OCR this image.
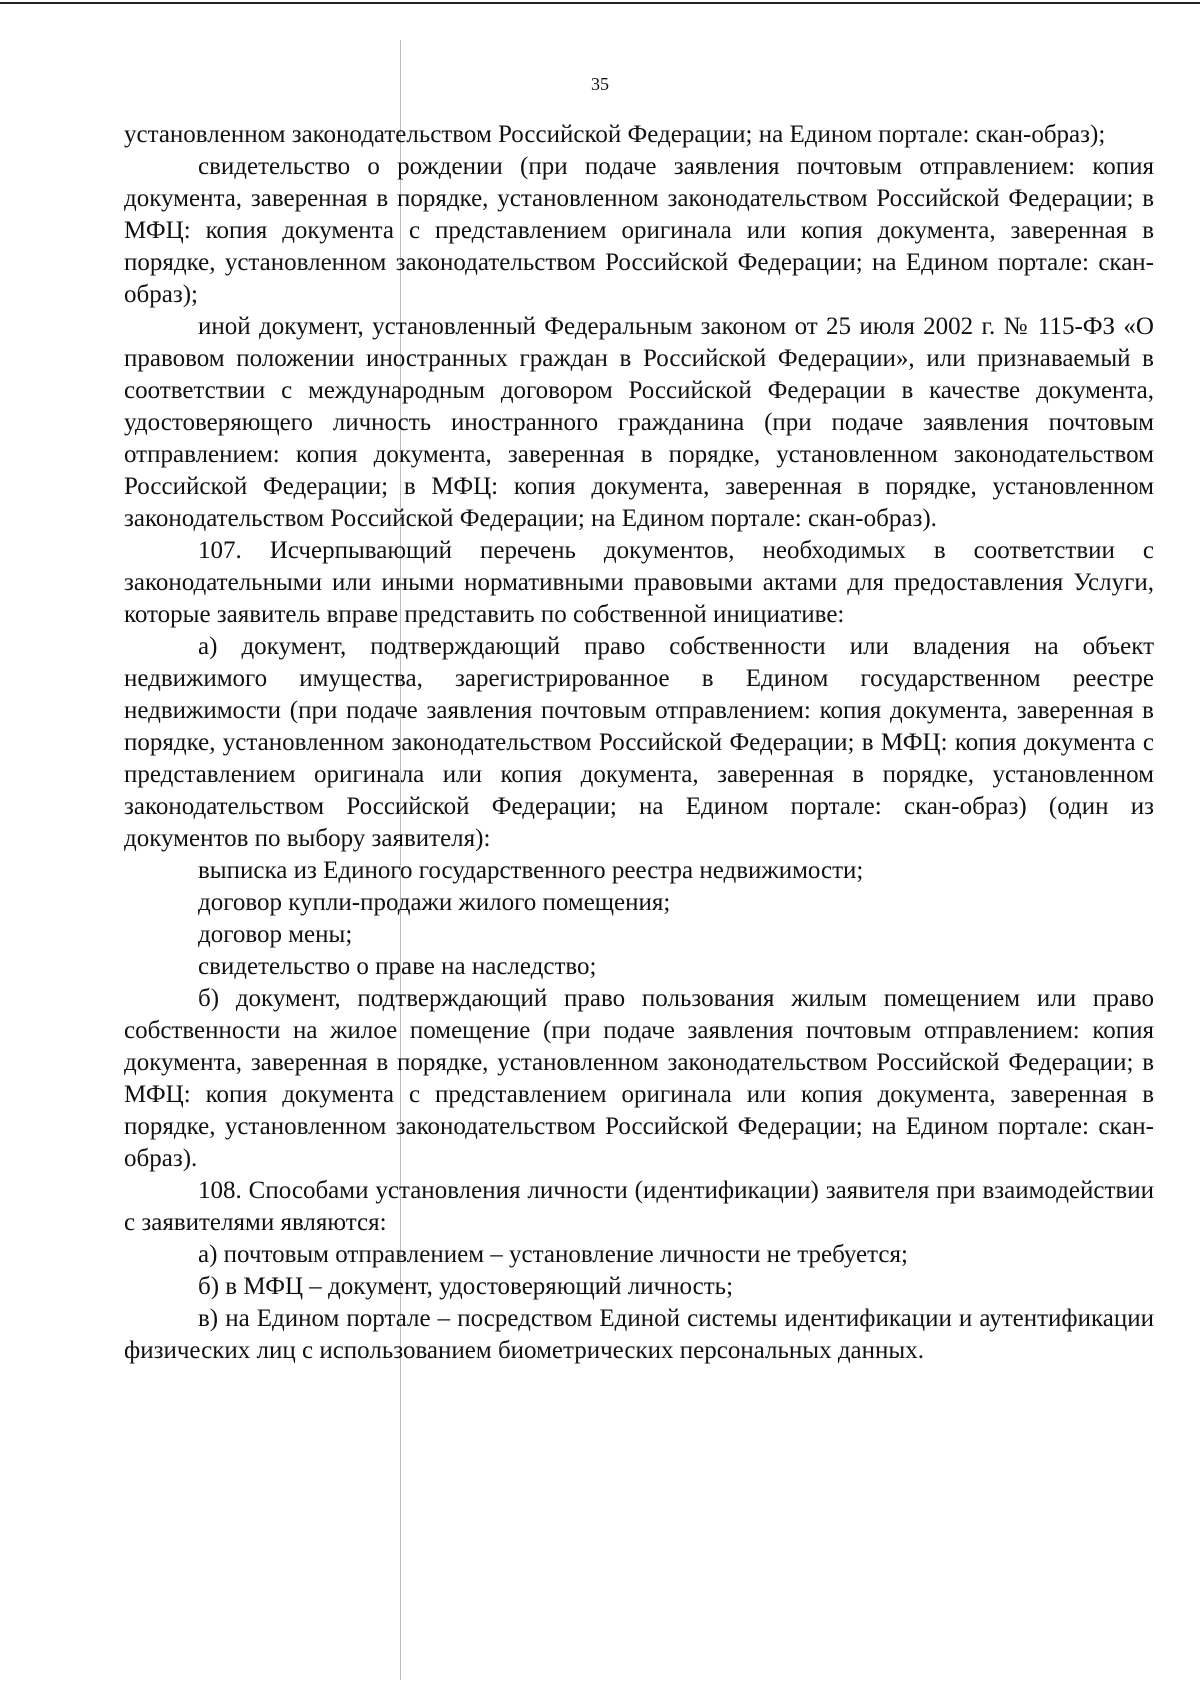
35

установленном законодательством Российской Федерации; на Едином портале: скан-образ);

свидетельство о рождении (при подаче заявления почтовым отправлением: копия документа, заверенная в порядке, установленном законодательством Российской Федерации; в МФЦ: копия документа с представлением оригинала или копия документа, заверенная в порядке, установленном законодательством Российской Федерации; на Едином портале: скан-образ);

иной документ, установленный Федеральным законом от 25 июля 2002 г. № 115-ФЗ «О правовом положении иностранных граждан в Российской Федерации», или признаваемый в соответствии с международным договором Российской Федерации в качестве документа, удостоверяющего личность иностранного гражданина (при подаче заявления почтовым отправлением: копия документа, заверенная в порядке, установленном законодательством Российской Федерации; в МФЦ: копия документа, заверенная в порядке, установленном законодательством Российской Федерации; на Едином портале: скан-образ).

107. Исчерпывающий перечень документов, необходимых в соответствии с законодательными или иными нормативными правовыми актами для предоставления Услуги, которые заявитель вправе представить по собственной инициативе:

а) документ, подтверждающий право собственности или владения на объект недвижимого имущества, зарегистрированное в Едином государственном реестре недвижимости (при подаче заявления почтовым отправлением: копия документа, заверенная в порядке, установленном законодательством Российской Федерации; в МФЦ: копия документа с представлением оригинала или копия документа, заверенная в порядке, установленном законодательством Российской Федерации; на Едином портале: скан-образ) (один из документов по выбору заявителя):

выписка из Единого государственного реестра недвижимости;

договор купли-продажи жилого помещения;

договор мены;

свидетельство о праве на наследство;

б) документ, подтверждающий право пользования жилым помещением или право собственности на жилое помещение (при подаче заявления почтовым отправлением: копия документа, заверенная в порядке, установленном законодательством Российской Федерации; в МФЦ: копия документа с представлением оригинала или копия документа, заверенная в порядке, установленном законодательством Российской Федерации; на Едином портале: скан-образ).

108. Способами установления личности (идентификации) заявителя при взаимодействии с заявителями являются:

а) почтовым отправлением – установление личности не требуется;

б) в МФЦ – документ, удостоверяющий личность;

в) на Едином портале – посредством Единой системы идентификации и аутентификации физических лиц с использованием биометрических персональных данных.
